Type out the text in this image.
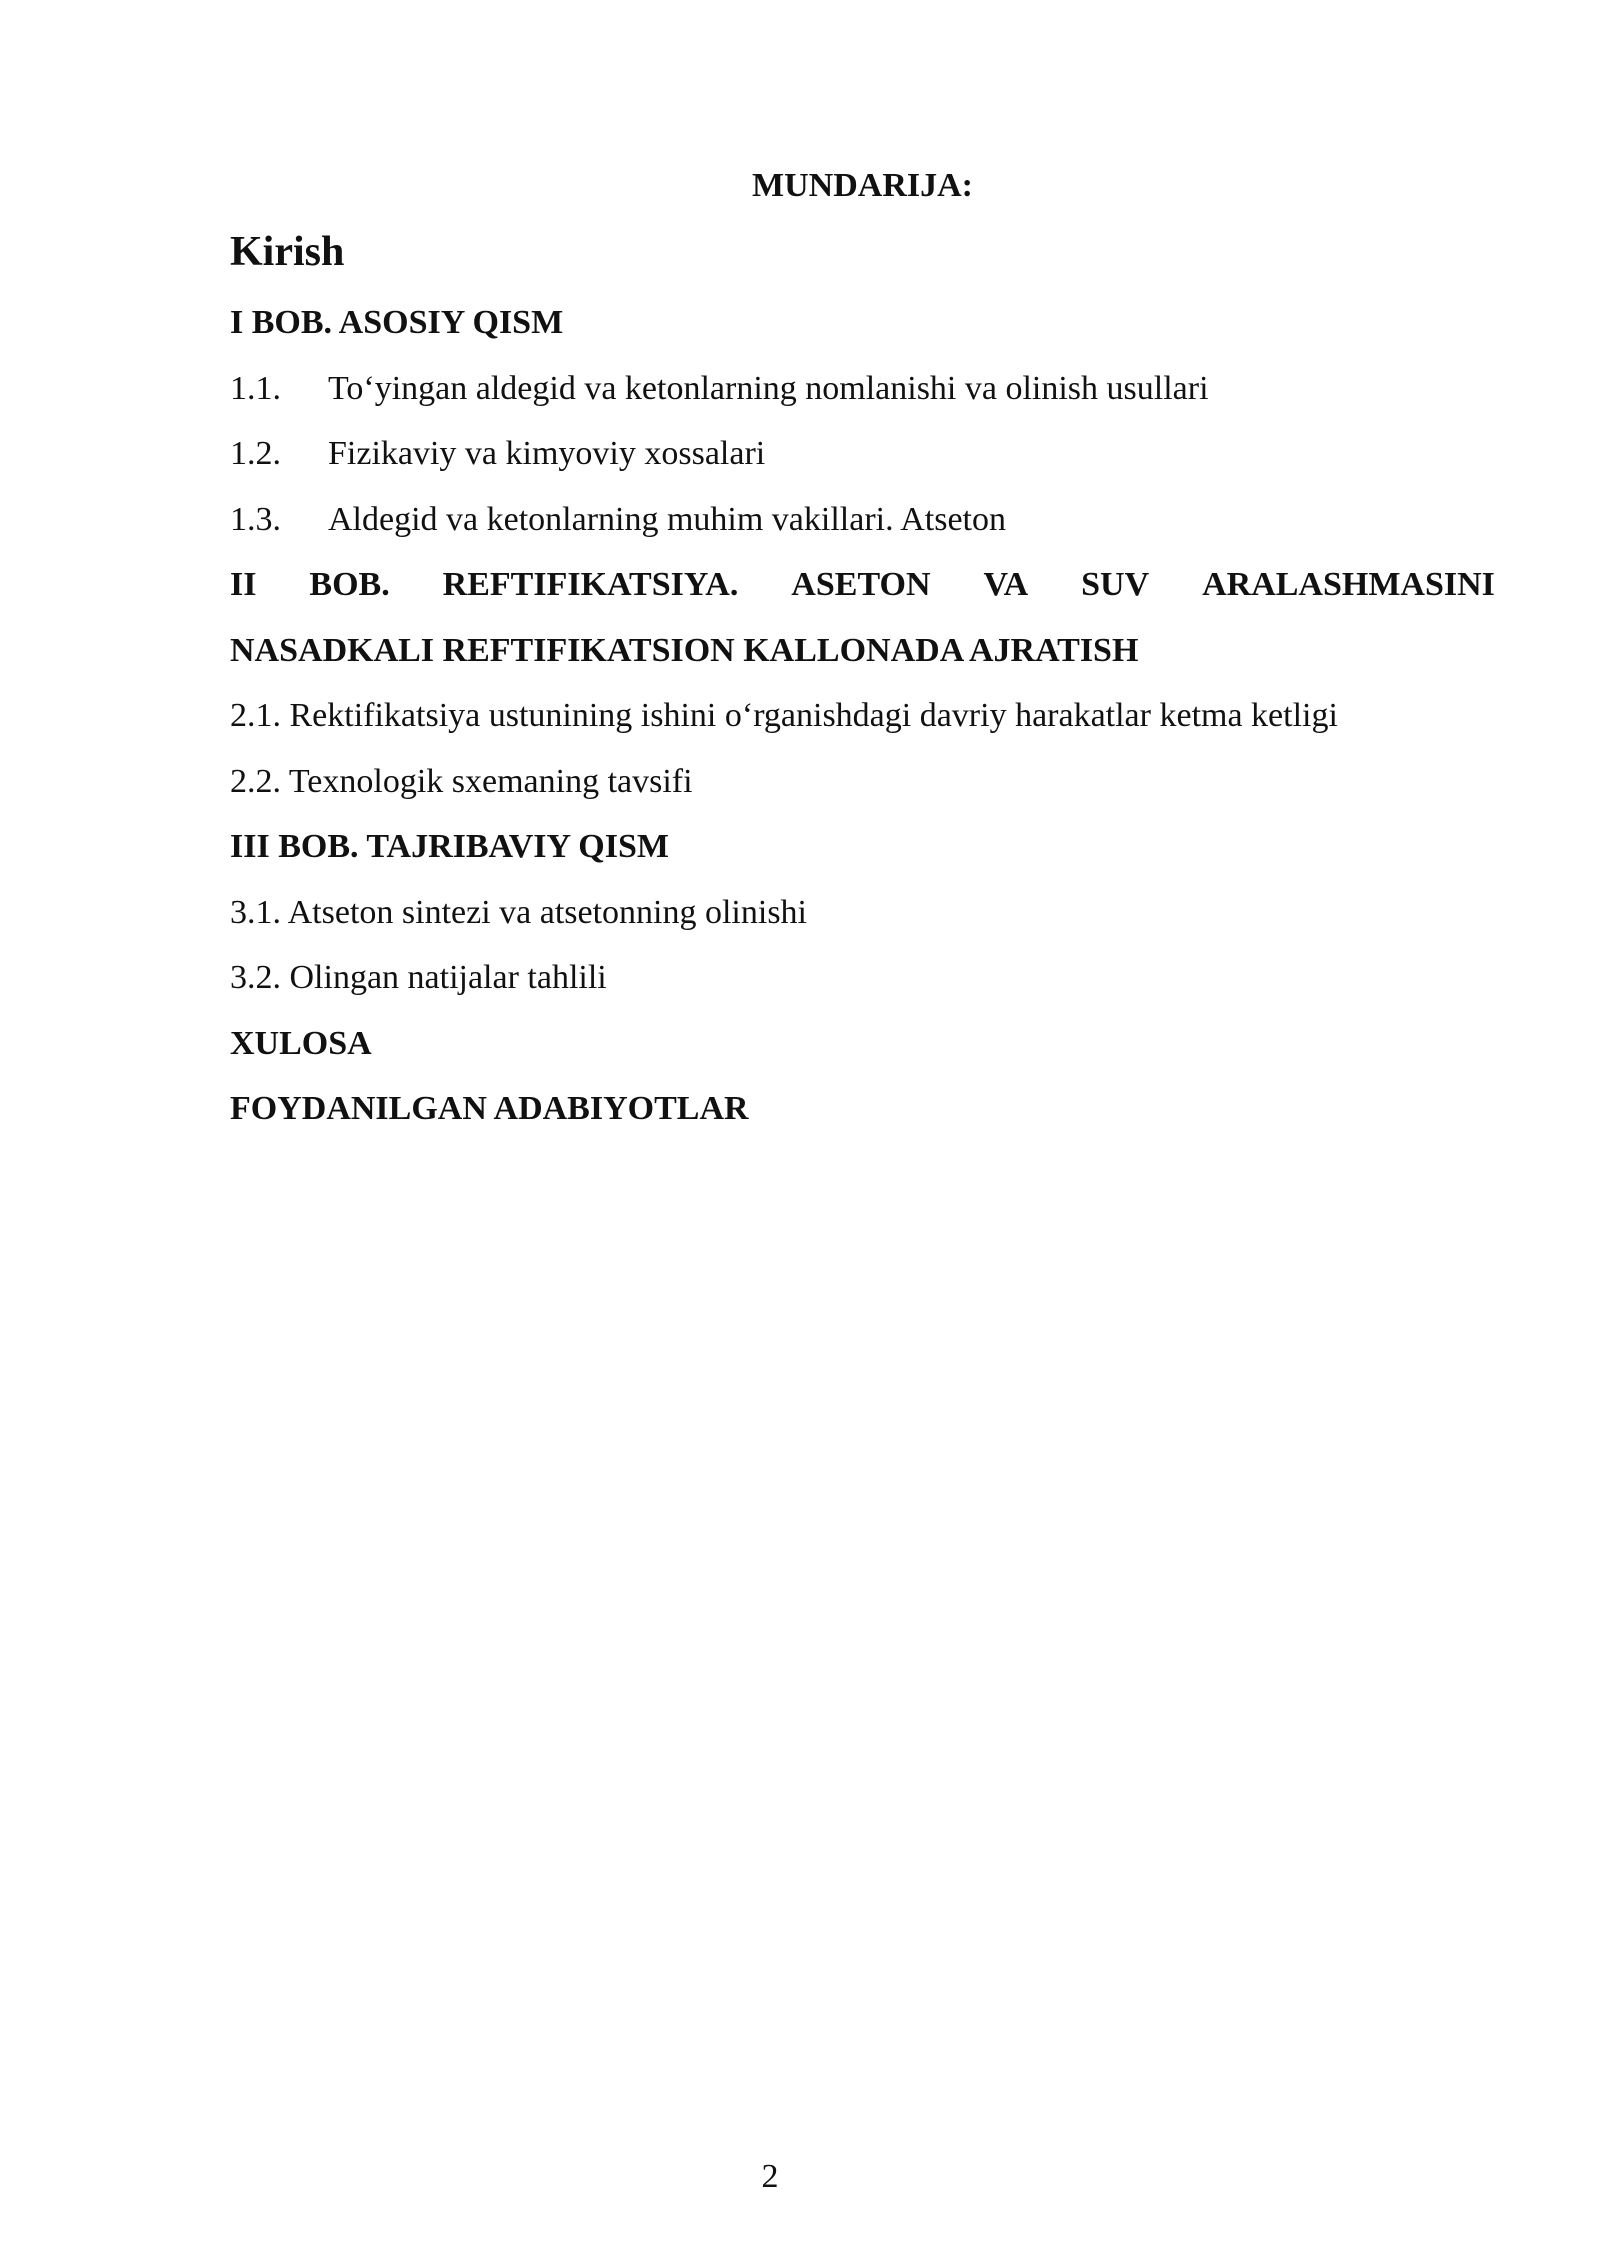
MUNDARIJA:

Kirish

I BOB. ASOSIY QISM

1.1. To‘yingan aldegid va ketonlarning nomlanishi va olinish usullari

1.2. Fizikaviy va kimyoviy xossalari

1.3. Aldegid va ketonlarning muhim vakillari. Atseton

II BOB. REFTIFIKATSIYA. ASETON VA SUV ARALASHMASINI

NASADKALI REFTIFIKATSION KALLONADA AJRATISH

2.1. Rektifikatsiya ustunining ishini o‘rganishdagi davriy harakatlar ketma ketligi

2.2. Texnologik sxemaning tavsifi

III BOB. TAJRIBAVIY QISM

3.1. Atseton sintezi va atsetonning olinishi

3.2. Olingan natijalar tahlili

XULOSA

FOYDANILGAN ADABIYOTLAR

2
